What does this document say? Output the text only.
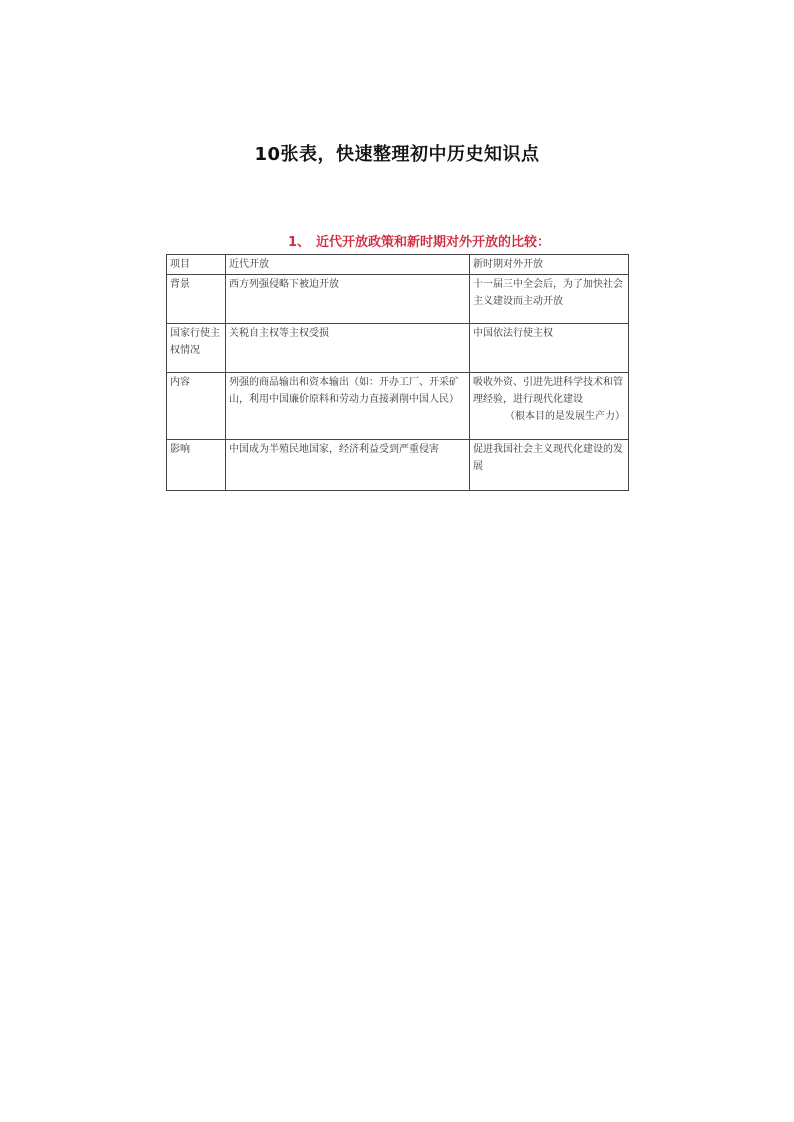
10张表，快速整理初中历史知识点
1、 近代开放政策和新时期对外开放的比较：
项目	近代开放	新时期对外开放
背景	西方列强侵略下被迫开放	十一届三中全会后，为了加快社会主义建设而主动开放
国家行使主权情况	关税自主权等主权受损	中国依法行使主权
内容	列强的商品输出和资本输出（如：开办工厂、开采矿山，利用中国廉价原料和劳动力直接剥削中国人民）	吸收外资、引进先进科学技术和管理经验，进行现代化建设
（根本目的是发展生产力）

影响	中国成为半殖民地国家，经济利益受到严重侵害	促进我国社会主义现代化建设的发展
